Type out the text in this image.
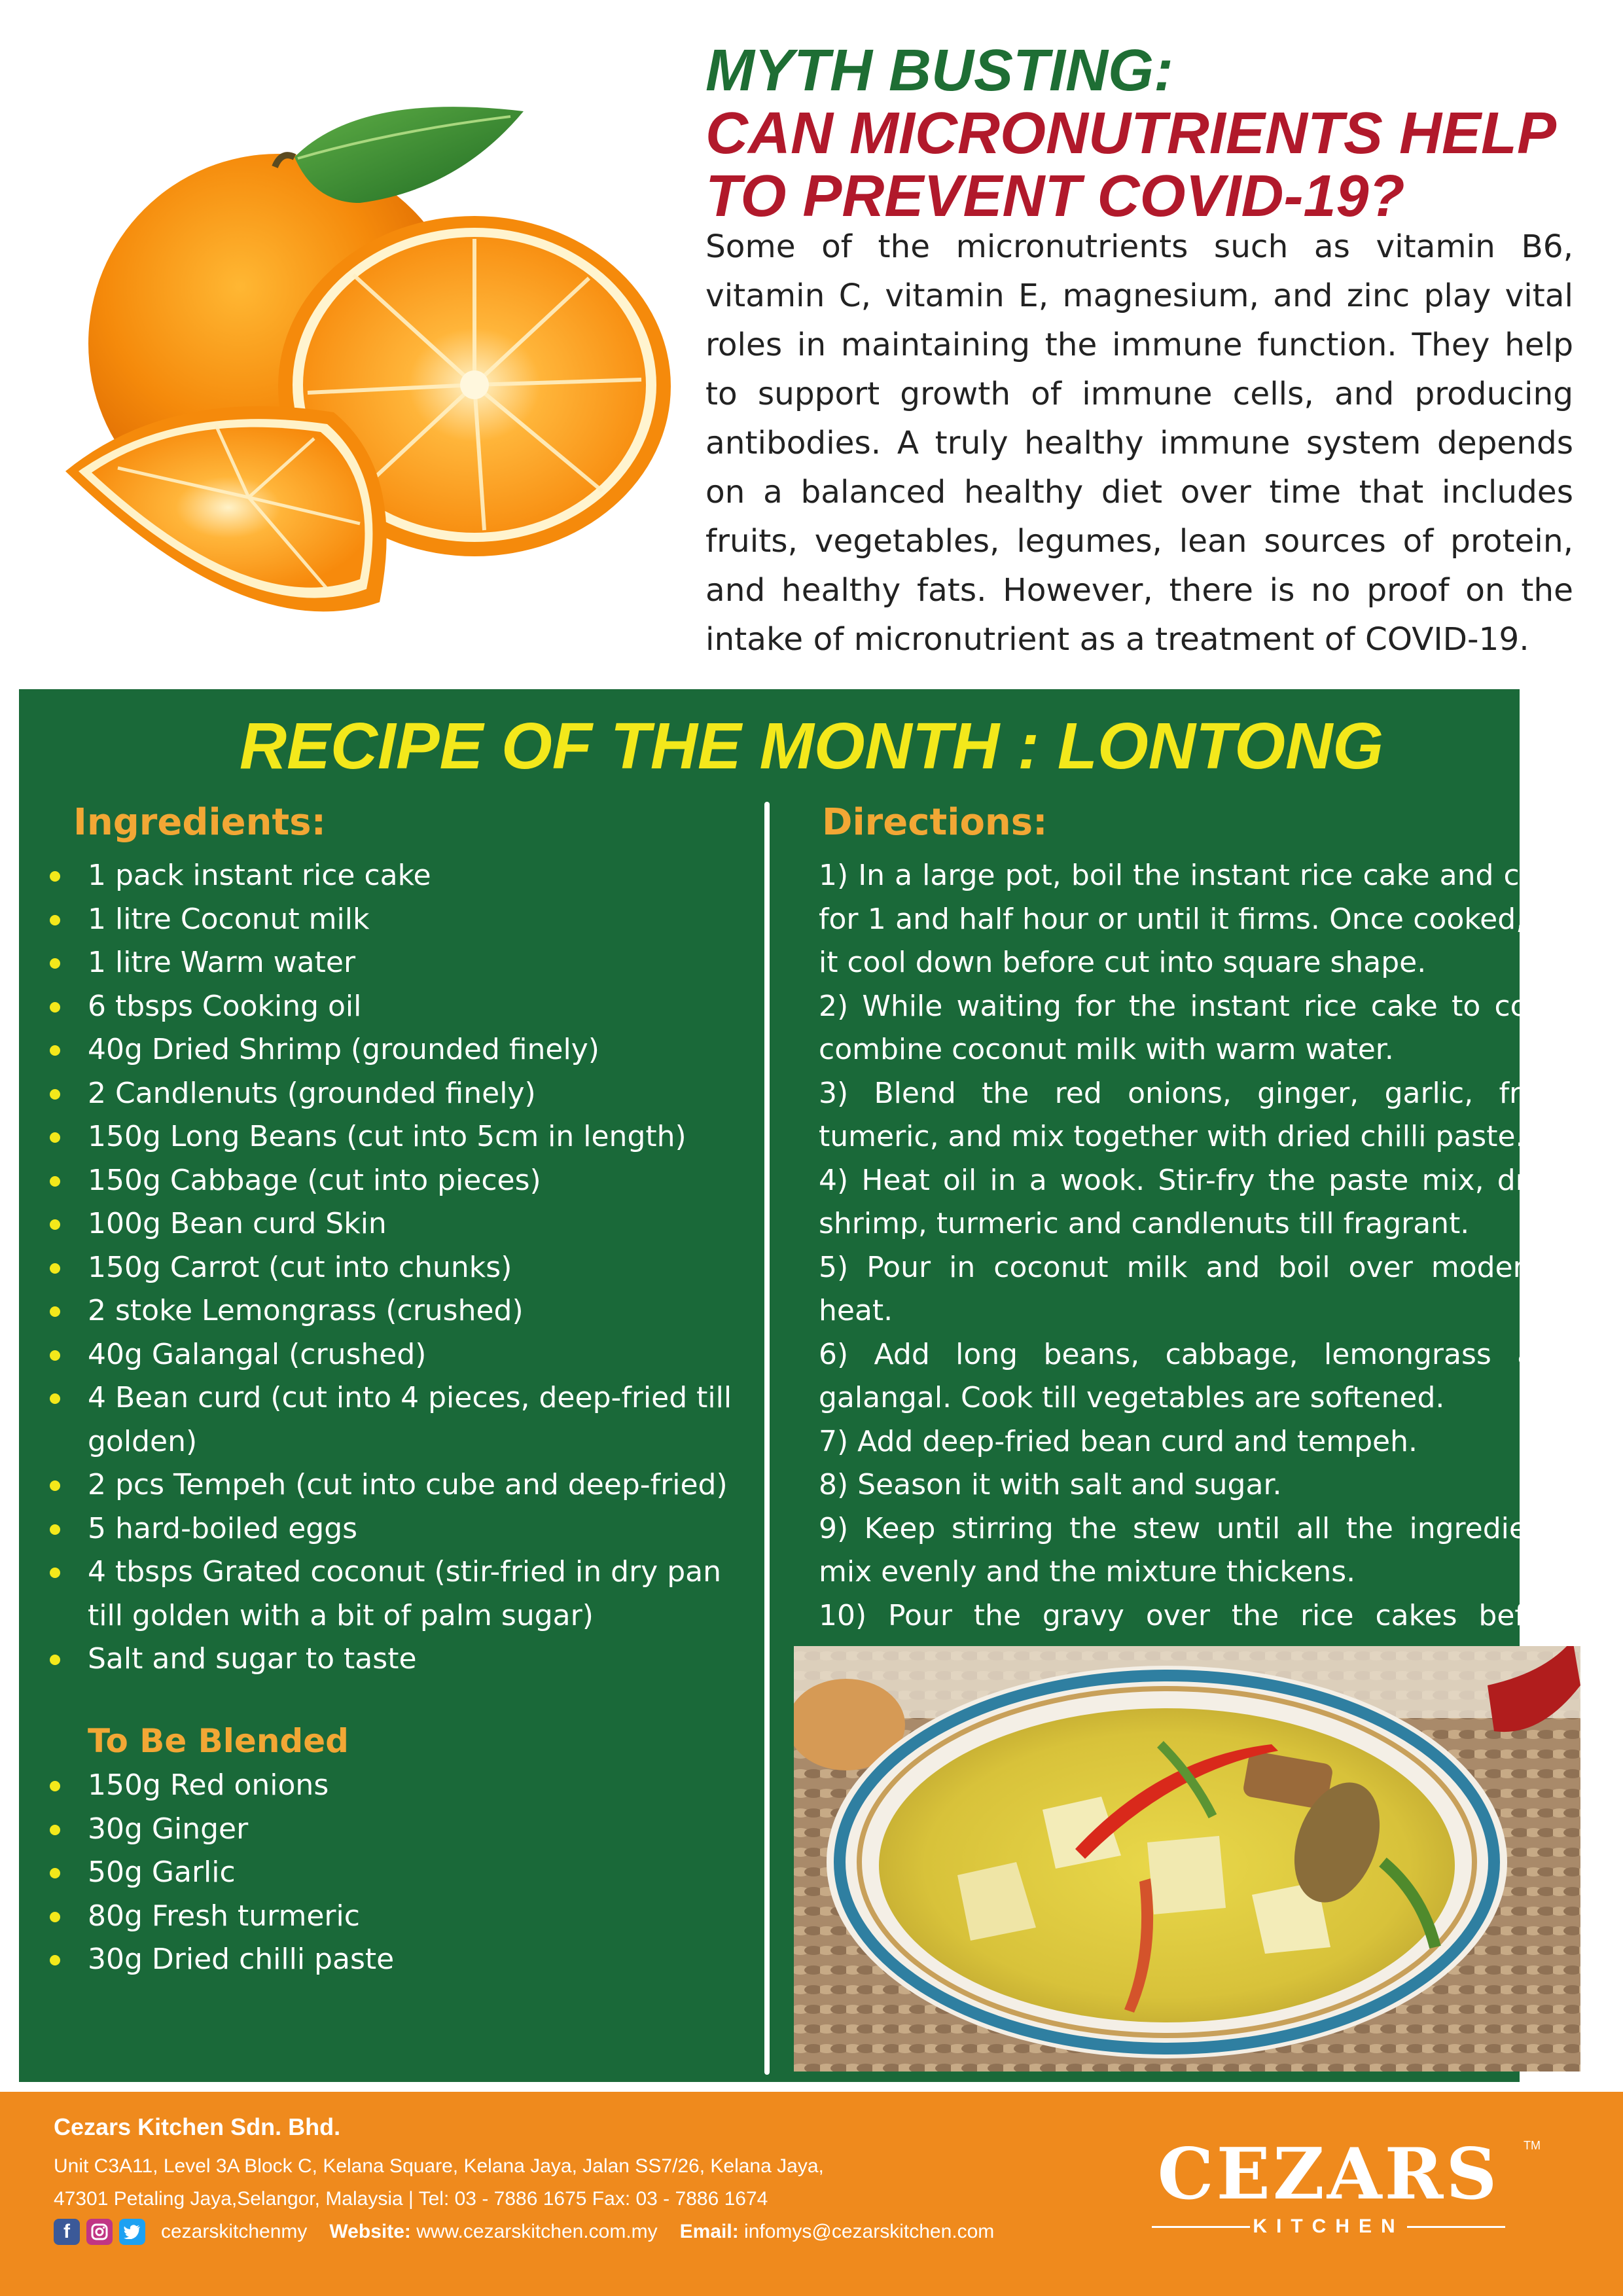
MYTH BUSTING:
CAN MICRONUTRIENTS HELP TO PREVENT COVID-19?

Some of the micronutrients such as vitamin B6, vitamin C, vitamin E, magnesium, and zinc play vital roles in maintaining the immune function. They help to support growth of immune cells, and producing antibodies. A truly healthy immune system depends on a balanced healthy diet over time that includes fruits, vegetables, legumes, lean sources of protein, and healthy fats. However, there is no proof on the intake of micronutrient as a treatment of COVID-19.

RECIPE OF THE MONTH : LONTONG
Ingredients:
1 pack instant rice cake
1 litre Coconut milk
1 litre Warm water
6 tbsps Cooking oil
40g Dried Shrimp (grounded finely)
2 Candlenuts (grounded finely)
150g Long Beans (cut into 5cm in length)
150g Cabbage (cut into pieces)
100g Bean curd Skin
150g Carrot (cut into chunks)
2 stoke Lemongrass (crushed)
40g Galangal (crushed)
4 Bean curd (cut into 4 pieces, deep-fried till golden)
2 pcs Tempeh (cut into cube and deep-fried)
5 hard-boiled eggs
4 tbsps Grated coconut (stir-fried in dry pan till golden with a bit of palm sugar)
Salt and sugar to taste
To Be Blended
150g Red onions
30g Ginger
50g Garlic
80g Fresh turmeric
30g Dried chilli paste
Directions:

1) In a large pot, boil the instant rice cake and cook for 1 and half hour or until it firms. Once cooked, let it cool down before cut into square shape.

2) While waiting for the instant rice cake to cook, combine coconut milk with warm water.

3) Blend the red onions, ginger, garlic, fresh tumeric, and mix together with dried chilli paste.

4) Heat oil in a wook. Stir-fry the paste mix, dried shrimp, turmeric and candlenuts till fragrant.

5) Pour in coconut milk and boil over moderate heat.

6) Add long beans, cabbage, lemongrass and galangal. Cook till vegetables are softened.

7) Add deep-fried bean curd and tempeh.

8) Season it with salt and sugar.

9) Keep stirring the stew until all the ingredients mix evenly and the mixture thickens.

10) Pour the gravy over the rice cakes before

Cezars Kitchen Sdn. Bhd.

Unit C3A11, Level 3A Block C, Kelana Square, Kelana Jaya, Jalan SS7/26, Kelana Jaya,

47301 Petaling Jaya,Selangor, Malaysia | Tel: 03 - 7886 1675 Fax: 03 - 7886 1674

f	cezarskitchenmy Website: www.cezarskitchen.com.my Email: infomys@cezarskitchen.com

CEZARS	TM
KITCHEN
